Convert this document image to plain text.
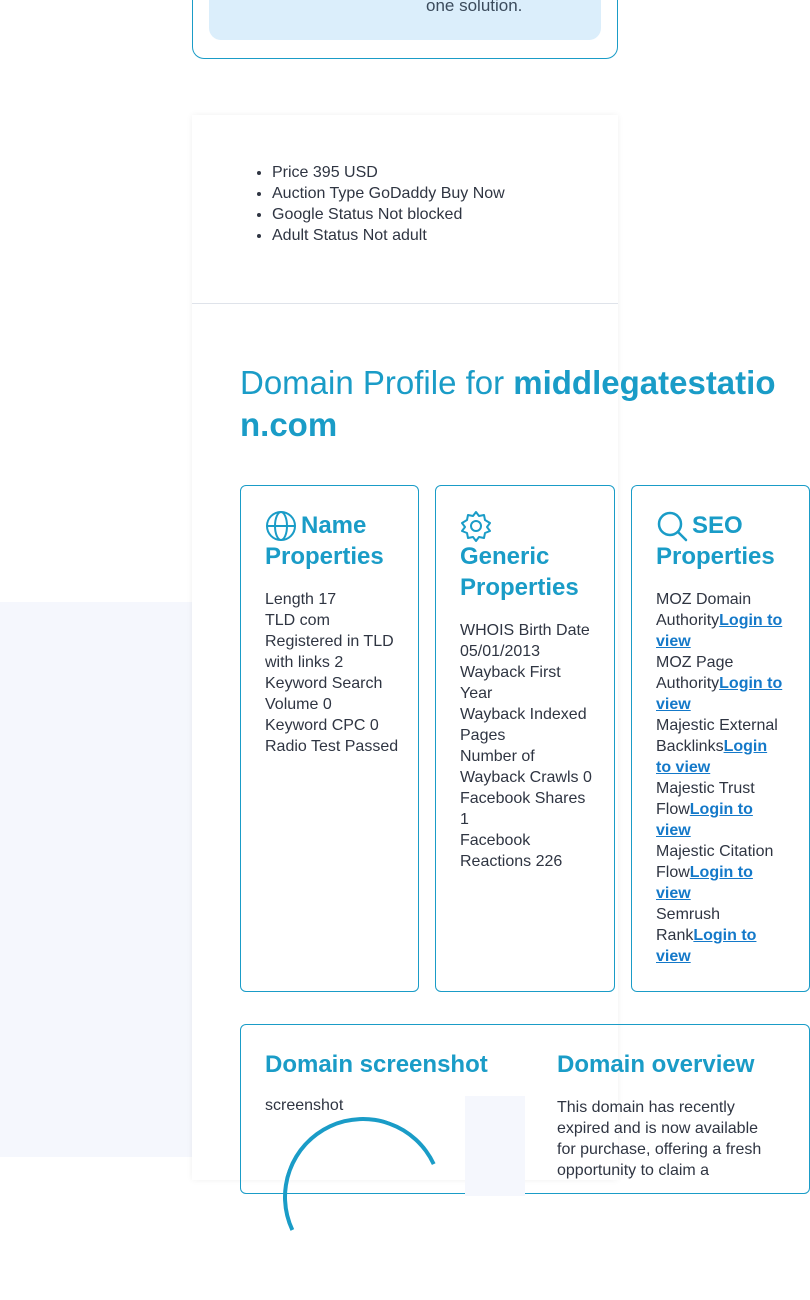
one solution.
• Price 395 USD
• Auction Type GoDaddy Buy Now
• Google Status Not blocked
• Adult Status Not adult
Domain Profile for middlegatestation.com
Name Properties
Length 17
TLD com
Registered in TLD with links 2
Keyword Search Volume 0
Keyword CPC 0
Radio Test Passed
Generic Properties
WHOIS Birth Date 05/01/2013
Wayback First Year
Wayback Indexed Pages
Number of Wayback Crawls 0
Facebook Shares 1
Facebook Reactions 226
SEO Properties
MOZ Domain AuthorityLogin to view
MOZ Page AuthorityLogin to view
Majestic External BacklinksLogin to view
Majestic Trust FlowLogin to view
Majestic Citation FlowLogin to view
Semrush RankLogin to view
Domain screenshot
screenshot
Domain overview
This domain has recently expired and is now available for purchase, offering a fresh opportunity to claim a
